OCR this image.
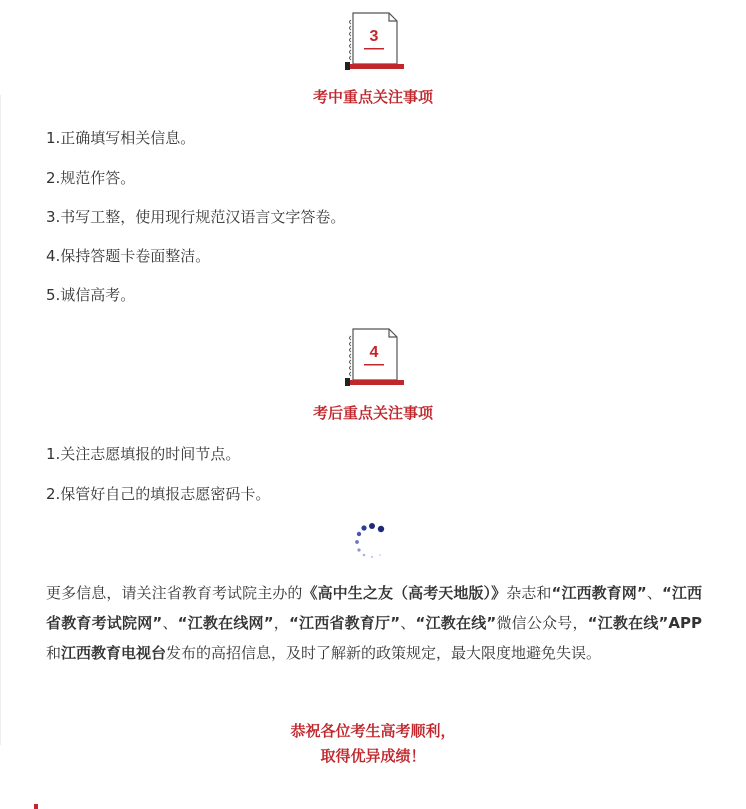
3
考中重点关注事项
1.正确填写相关信息。
2.规范作答。
3.书写工整，使用现行规范汉语言文字答卷。
4.保持答题卡卷面整洁。
5.诚信高考。
4
考后重点关注事项
1.关注志愿填报的时间节点。
2.保管好自己的填报志愿密码卡。
更多信息，请关注省教育考试院主办的《高中生之友（高考天地版）》杂志和“江西教育网”、“江西省教育考试院网”、“江教在线网”，“江西省教育厅”、“江教在线”微信公众号，“江教在线”APP和江西教育电视台发布的高招信息，及时了解新的政策规定，最大限度地避免失误。
恭祝各位考生高考顺利，
取得优异成绩！
